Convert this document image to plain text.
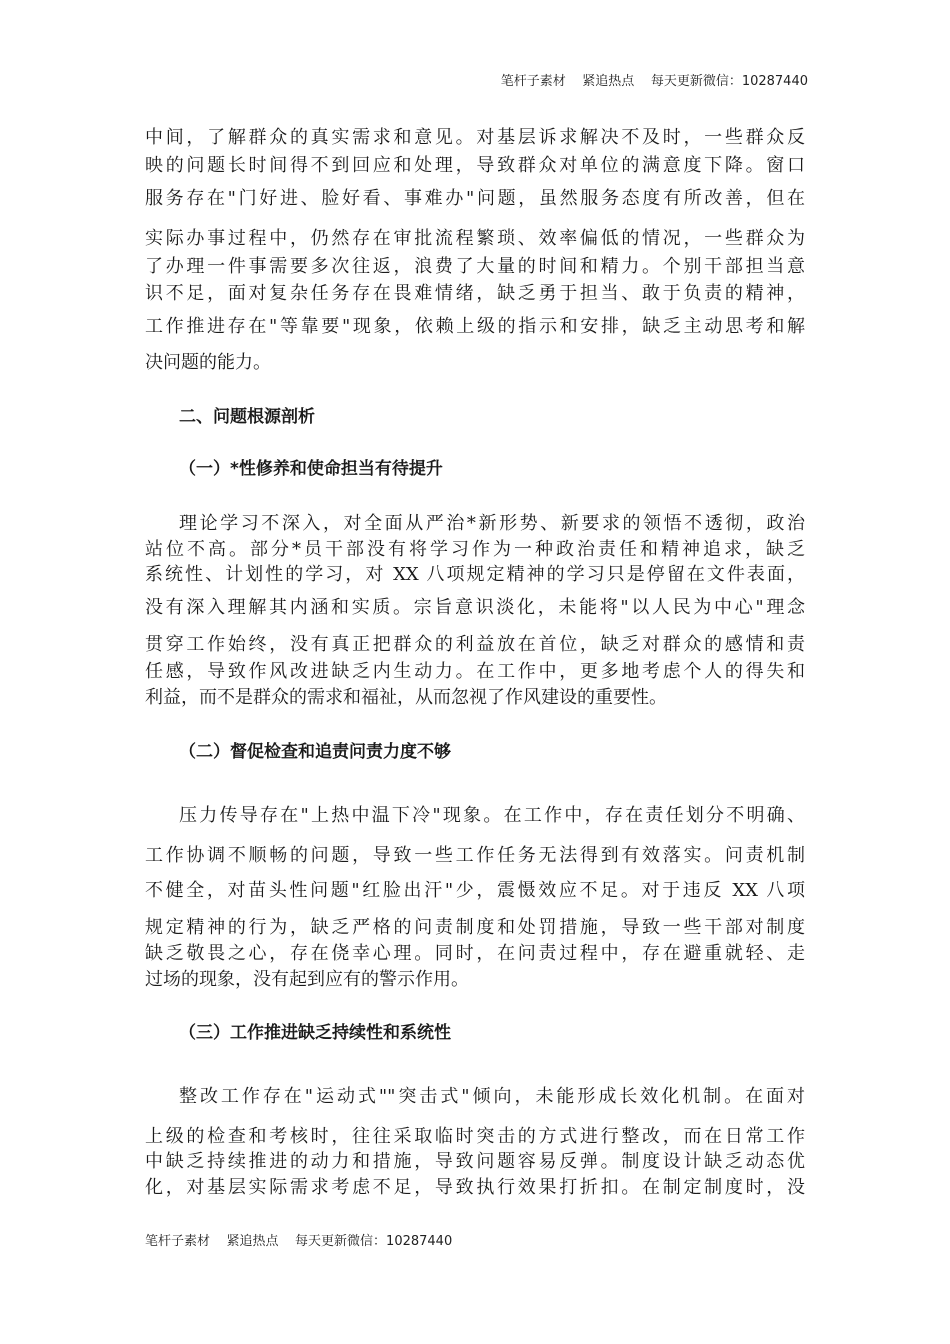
笔杆子素材    紧追热点    每天更新微信：10287440
中间，了解群众的真实需求和意见。对基层诉求解决不及时，一些群众反
映的问题长时间得不到回应和处理，导致群众对单位的满意度下降。窗口
服务存在"门好进、脸好看、事难办"问题，虽然服务态度有所改善，但在
实际办事过程中，仍然存在审批流程繁琐、效率偏低的情况，一些群众为
了办理一件事需要多次往返，浪费了大量的时间和精力。个别干部担当意
识不足，面对复杂任务存在畏难情绪，缺乏勇于担当、敢于负责的精神，
工作推进存在"等靠要"现象，依赖上级的指示和安排，缺乏主动思考和解
决问题的能力。
二、问题根源剖析
（一）*性修养和使命担当有待提升
理论学习不深入，对全面从严治*新形势、新要求的领悟不透彻，政治
站位不高。部分*员干部没有将学习作为一种政治责任和精神追求，缺乏
系统性、计划性的学习，对 XX 八项规定精神的学习只是停留在文件表面，
没有深入理解其内涵和实质。宗旨意识淡化，未能将"以人民为中心"理念
贯穿工作始终，没有真正把群众的利益放在首位，缺乏对群众的感情和责
任感，导致作风改进缺乏内生动力。在工作中，更多地考虑个人的得失和
利益，而不是群众的需求和福祉，从而忽视了作风建设的重要性。
（二）督促检查和追责问责力度不够
压力传导存在"上热中温下冷"现象。在工作中，存在责任划分不明确、
工作协调不顺畅的问题，导致一些工作任务无法得到有效落实。问责机制
不健全，对苗头性问题"红脸出汗"少，震慑效应不足。对于违反 XX 八项
规定精神的行为，缺乏严格的问责制度和处罚措施，导致一些干部对制度
缺乏敬畏之心，存在侥幸心理。同时，在问责过程中，存在避重就轻、走
过场的现象，没有起到应有的警示作用。
（三）工作推进缺乏持续性和系统性
整改工作存在"运动式""突击式"倾向，未能形成长效化机制。在面对
上级的检查和考核时，往往采取临时突击的方式进行整改，而在日常工作
中缺乏持续推进的动力和措施，导致问题容易反弹。制度设计缺乏动态优
化，对基层实际需求考虑不足，导致执行效果打折扣。在制定制度时，没
笔杆子素材    紧追热点    每天更新微信：10287440
